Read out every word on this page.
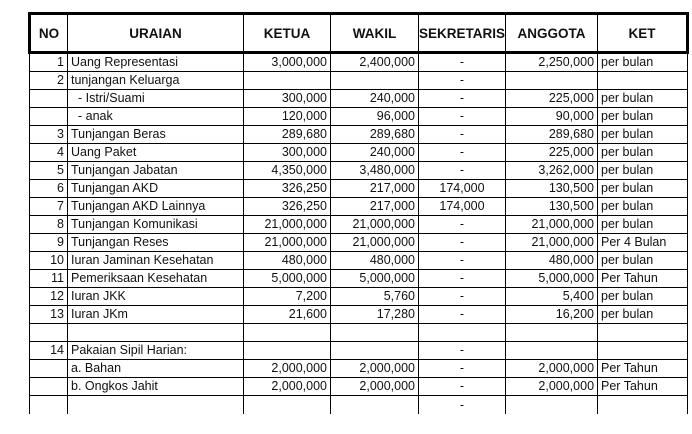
NO	URAIAN	KETUA	WAKIL	SEKRETARIS	ANGGOTA	KET
1	Uang Representasi	3,000,000	2,400,000	-	2,250,000	per bulan
2	tunjangan Keluarga			-		
	- Istri/Suami	300,000	240,000	-	225,000	per bulan
	- anak	120,000	96,000	-	90,000	per bulan
3	Tunjangan Beras	289,680	289,680	-	289,680	per bulan
4	Uang Paket	300,000	240,000	-	225,000	per bulan
5	Tunjangan Jabatan	4,350,000	3,480,000	-	3,262,000	per bulan
6	Tunjangan AKD	326,250	217,000	174,000	130,500	per bulan
7	Tunjangan AKD Lainnya	326,250	217,000	174,000	130,500	per bulan
8	Tunjangan Komunikasi	21,000,000	21,000,000	-	21,000,000	per bulan
9	Tunjangan Reses	21,000,000	21,000,000	-	21,000,000	Per 4 Bulan
10	Iuran Jaminan Kesehatan	480,000	480,000	-	480,000	per bulan
11	Pemeriksaan Kesehatan	5,000,000	5,000,000	-	5,000,000	Per Tahun
12	Iuran JKK	7,200	5,760	-	5,400	per bulan
13	Iuran JKm	21,600	17,280	-	16,200	per bulan

14	Pakaian Sipil Harian:			-		
	a. Bahan	2,000,000	2,000,000	-	2,000,000	Per Tahun
	b. Ongkos Jahit	2,000,000	2,000,000	-	2,000,000	Per Tahun
				-		
